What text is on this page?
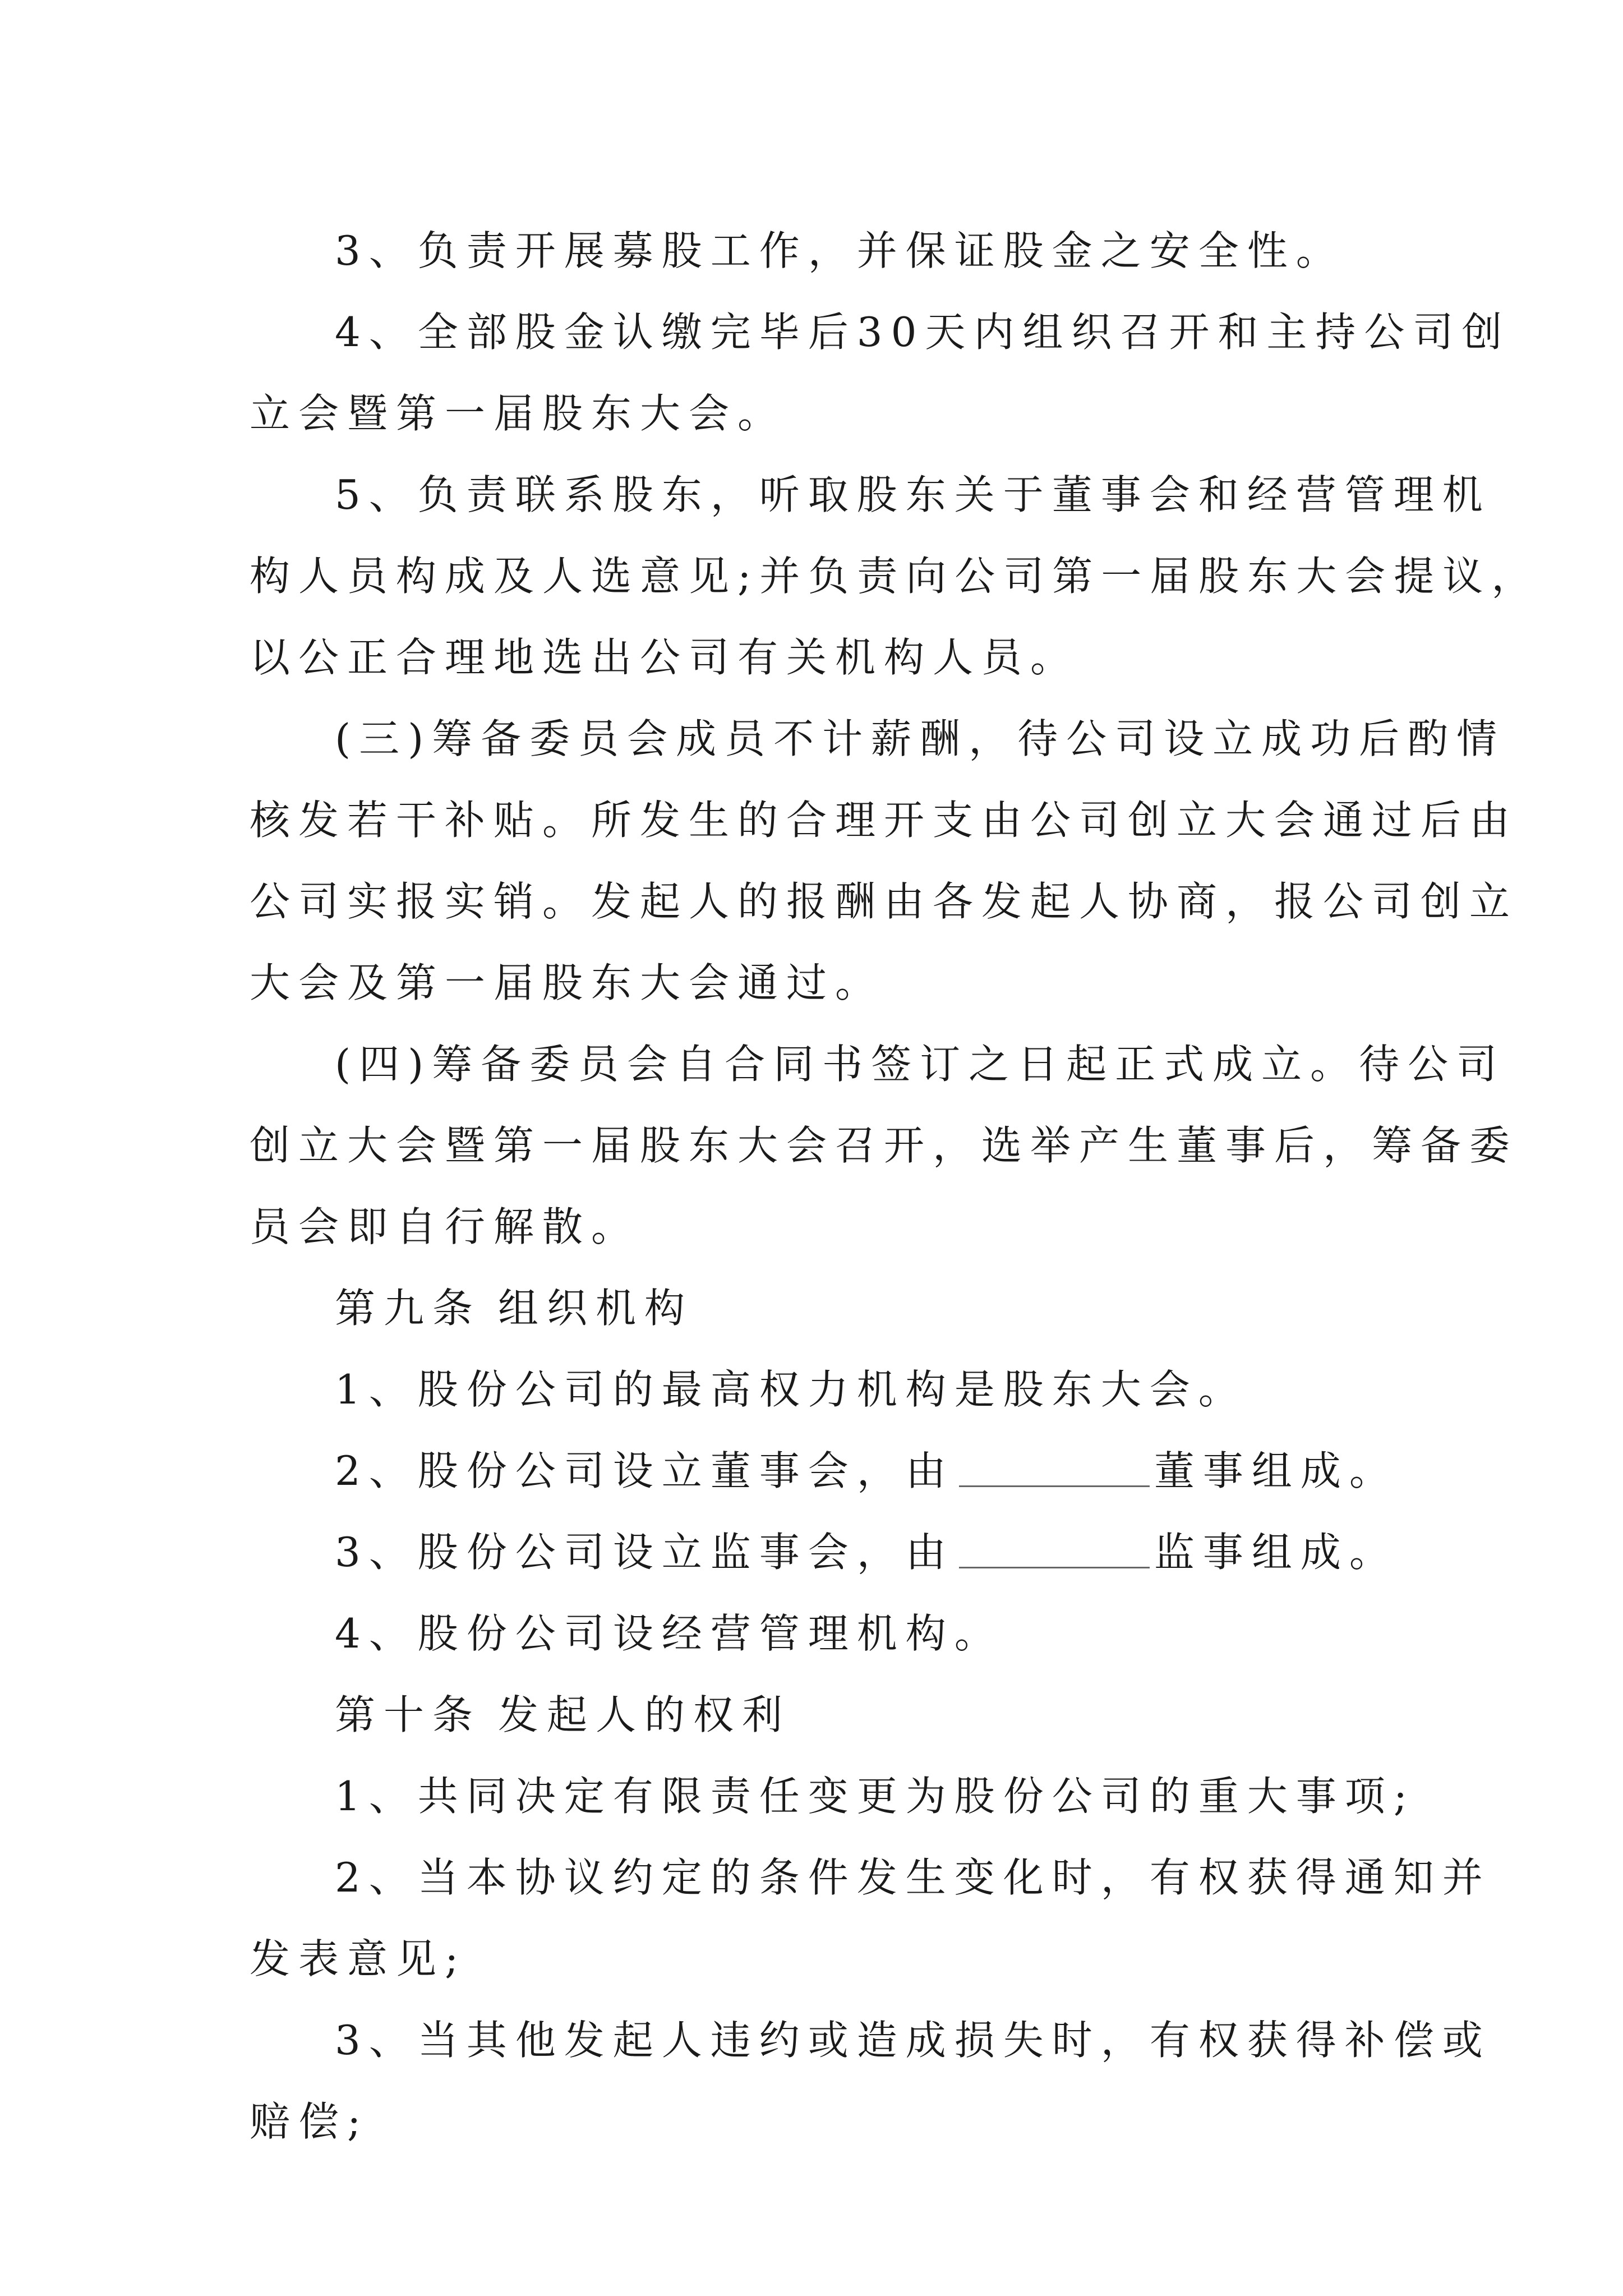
3、负责开展募股工作，并保证股金之安全性。
4、全部股金认缴完毕后30天内组织召开和主持公司创
立会暨第一届股东大会。
5、负责联系股东，听取股东关于董事会和经营管理机
构人员构成及人选意见;并负责向公司第一届股东大会提议，
以公正合理地选出公司有关机构人员。
(三)筹备委员会成员不计薪酬，待公司设立成功后酌情
核发若干补贴。所发生的合理开支由公司创立大会通过后由
公司实报实销。发起人的报酬由各发起人协商，报公司创立
大会及第一届股东大会通过。
(四)筹备委员会自合同书签订之日起正式成立。待公司
创立大会暨第一届股东大会召开，选举产生董事后，筹备委
员会即自行解散。
第九条 组织机构
1、股份公司的最高权力机构是股东大会。
2、股份公司设立董事会，由	董事组成。
3、股份公司设立监事会，由	监事组成。
4、股份公司设经营管理机构。
第十条 发起人的权利
1、共同决定有限责任变更为股份公司的重大事项;
2、当本协议约定的条件发生变化时，有权获得通知并
发表意见;
3、当其他发起人违约或造成损失时，有权获得补偿或
赔偿;
